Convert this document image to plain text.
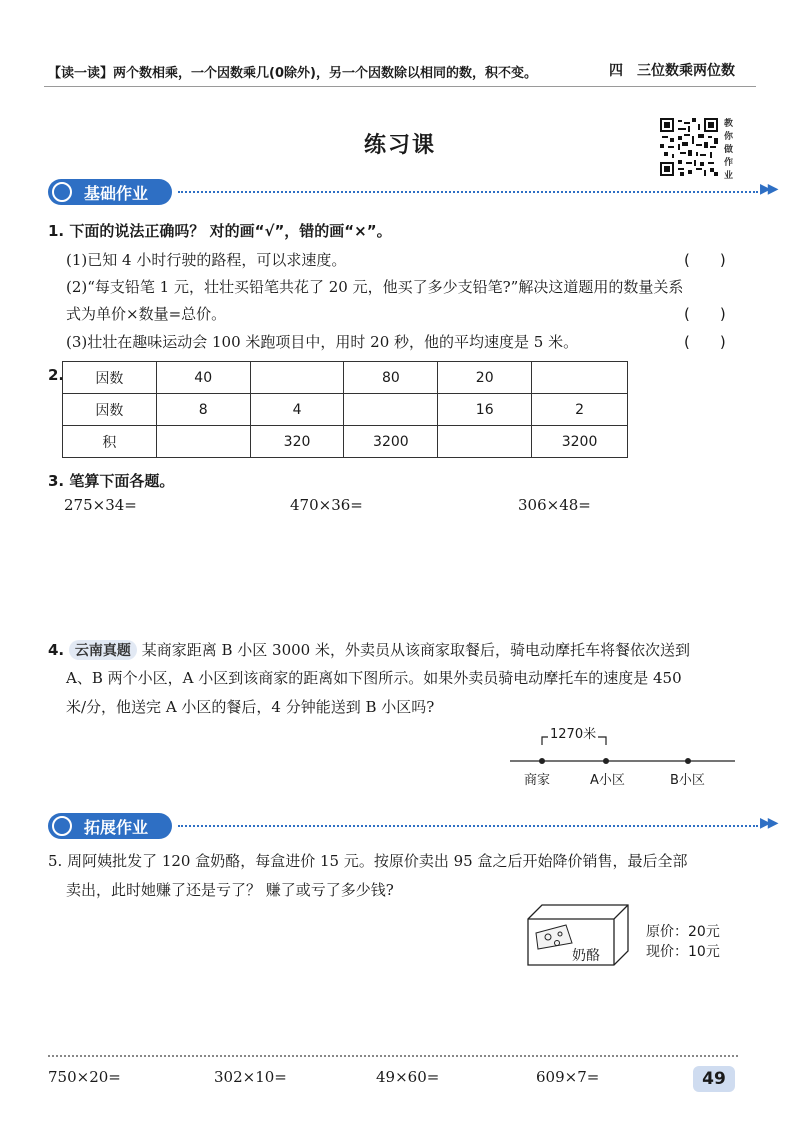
【读一读】两个数相乘，一个因数乘几(0除外)，另一个因数除以相同的数，积不变。	四　三位数乘两位数
练习课
教
你
做
作
业
基础作业	▶▶
1. 下面的说法正确吗？ 对的画“√”，错的画“×”。
(1)已知 4 小时行驶的路程，可以求速度。	(　　)
(2)“每支铅笔 1 元，壮壮买铅笔共花了 20 元，他买了多少支铅笔?”解决这道题用的数量关系
式为单价×数量=总价。	(　　)
(3)壮壮在趣味运动会 100 米跑项目中，用时 20 秒，他的平均速度是 5 米。	(　　)
2. 因数	40		80	20	
因数	8	4		16	2
积		320	3200		3200
3. 笔算下面各题。
275×34=	470×36=	306×48=
4. 云南真题 某商家距离 B 小区 3000 米，外卖员从该商家取餐后，骑电动摩托车将餐依次送到
A、B 两个小区，A 小区到该商家的距离如下图所示。如果外卖员骑电动摩托车的速度是 450
米/分，他送完 A 小区的餐后，4 分钟能送到 B 小区吗?
1270米
商家	A小区	B小区
拓展作业	▶▶
5. 周阿姨批发了 120 盒奶酪，每盒进价 15 元。按原价卖出 95 盒之后开始降价销售，最后全部
卖出，此时她赚了还是亏了？ 赚了或亏了多少钱?
奶酪
原价：20元
现价：10元
750×20=	302×10=	49×60=	609×7=	49
